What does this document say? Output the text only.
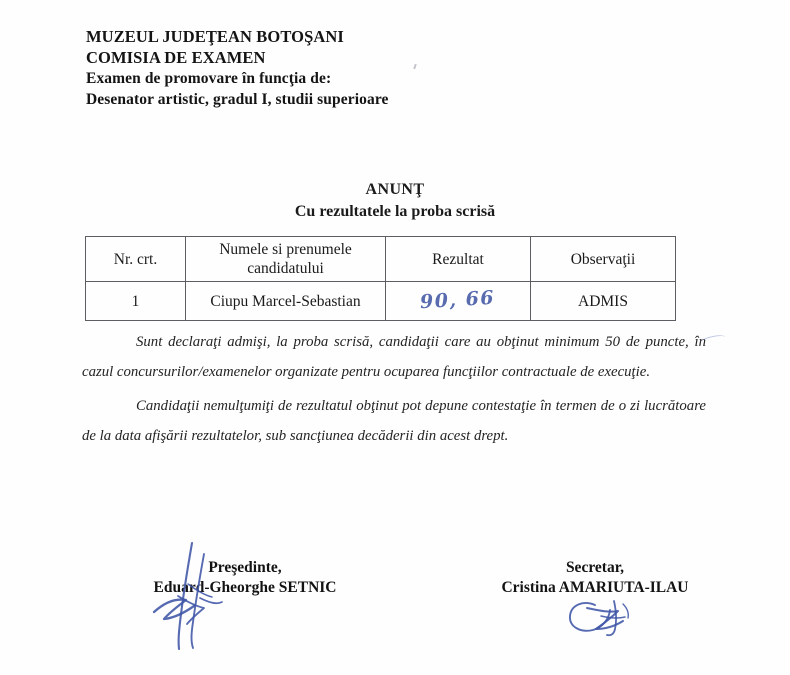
MUZEUL JUDEŢEAN BOTOŞANI
COMISIA DE EXAMEN
Examen de promovare în funcţia de:
Desenator artistic, gradul I, studii superioare
ANUNŢ
Cu rezultatele la proba scrisă
Nr. crt.	Numele si prenumele candidatului	Rezultat	Observaţii
1	Ciupu Marcel-Sebastian	90, 66	ADMIS
Sunt declaraţi admişi, la proba scrisă, candidaţii care au obţinut minimum 50 de puncte, în cazul concursurilor/examenelor organizate pentru ocuparea funcţiilor contractuale de execuţie.
Candidaţii nemulţumiţi de rezultatul obţinut pot depune contestaţie în termen de o zi lucrătoare de la data afişării rezultatelor, sub sancţiunea decăderii din acest drept.
Preşedinte,
Eduard-Gheorghe SETNIC
Secretar,
Cristina AMARIUTA-ILAU
